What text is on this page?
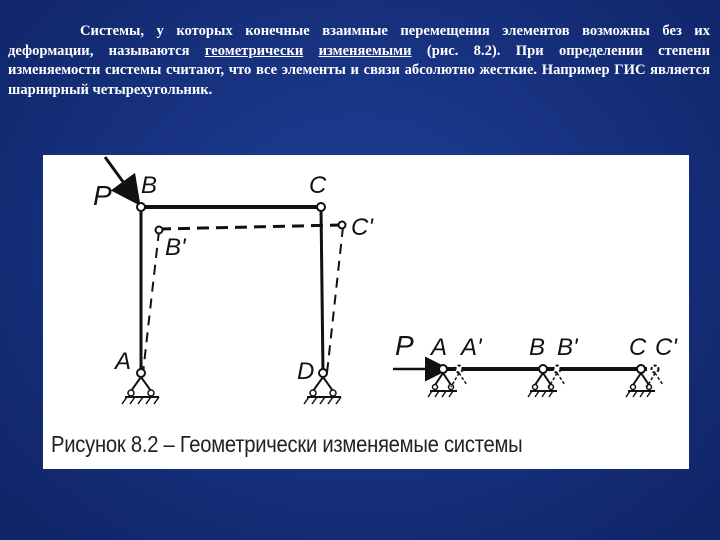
Системы, у которых конечные взаимные перемещения элементов возможны без их деформации, называются геометрически изменяемыми (рис. 8.2). При определении степени изменяемости системы считают, что все элементы и связи абсолютно жесткие. Например ГИС является шарнирный четырехугольник.
P B	C
C'
B'
A	D
P A A' B B' C C'
Рисунок 8.2 – Геометрически изменяемые системы
